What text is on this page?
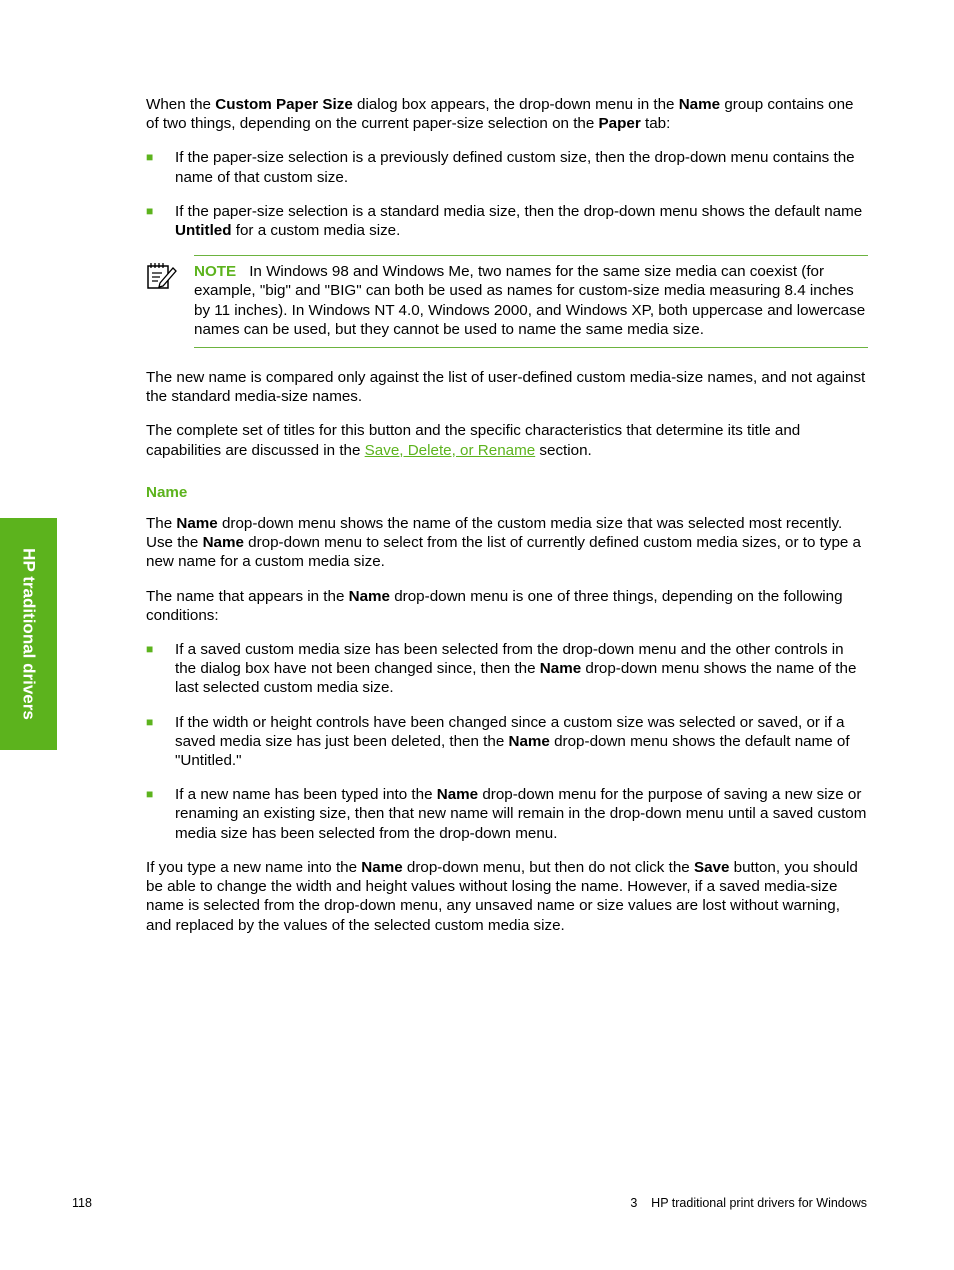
HP traditional drivers

When the Custom Paper Size dialog box appears, the drop-down menu in the Name group contains one of two things, depending on the current paper-size selection on the Paper tab:

■ If the paper-size selection is a previously defined custom size, then the drop-down menu contains the name of that custom size.
■ If the paper-size selection is a standard media size, then the drop-down menu shows the default name Untitled for a custom media size.
NOTE In Windows 98 and Windows Me, two names for the same size media can coexist (for example, "big" and "BIG" can both be used as names for custom-size media measuring 8.4 inches by 11 inches). In Windows NT 4.0, Windows 2000, and Windows XP, both uppercase and lowercase names can be used, but they cannot be used to name the same media size.

The new name is compared only against the list of user-defined custom media-size names, and not against the standard media-size names.

The complete set of titles for this button and the specific characteristics that determine its title and capabilities are discussed in the Save, Delete, or Rename section.

Name

The Name drop-down menu shows the name of the custom media size that was selected most recently. Use the Name drop-down menu to select from the list of currently defined custom media sizes, or to type a new name for a custom media size.

The name that appears in the Name drop-down menu is one of three things, depending on the following conditions:

■ If a saved custom media size has been selected from the drop-down menu and the other controls in the dialog box have not been changed since, then the Name drop-down menu shows the name of the last selected custom media size.
■ If the width or height controls have been changed since a custom size was selected or saved, or if a saved media size has just been deleted, then the Name drop-down menu shows the default name of "Untitled."
■ If a new name has been typed into the Name drop-down menu for the purpose of saving a new size or renaming an existing size, then that new name will remain in the drop-down menu until a saved custom media size has been selected from the drop-down menu.

If you type a new name into the Name drop-down menu, but then do not click the Save button, you should be able to change the width and height values without losing the name. However, if a saved media-size name is selected from the drop-down menu, any unsaved name or size values are lost without warning, and replaced by the values of the selected custom media size.

118	3    HP traditional print drivers for Windows
